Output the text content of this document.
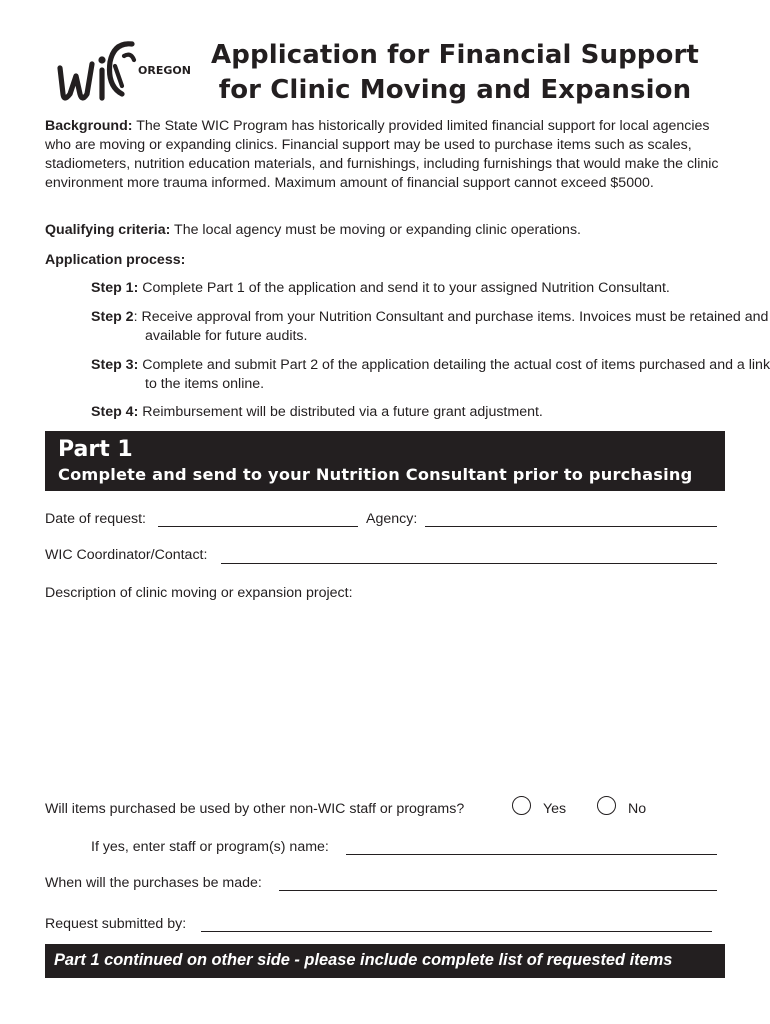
OREGON
Application for Financial Support
for Clinic Moving and Expansion
Background: The State WIC Program has historically provided limited financial support for local agencies who are moving or expanding clinics. Financial support may be used to purchase items such as scales, stadiometers, nutrition education materials, and furnishings, including furnishings that would make the clinic environment more trauma informed. Maximum amount of financial support cannot exceed $5000.
Qualifying criteria: The local agency must be moving or expanding clinic operations.
Application process:
Step 1: Complete Part 1 of the application and send it to your assigned Nutrition Consultant.
Step 2: Receive approval from your Nutrition Consultant and purchase items. Invoices must be retained and available for future audits.
Step 3: Complete and submit Part 2 of the application detailing the actual cost of items purchased and a link to the items online.
Step 4: Reimbursement will be distributed via a future grant adjustment.
Part 1
Complete and send to your Nutrition Consultant prior to purchasing
Date of request:	Agency:
WIC Coordinator/Contact:
Description of clinic moving or expansion project:
Will items purchased be used by other non-WIC staff or programs?	Yes	No
If yes, enter staff or program(s) name:
When will the purchases be made:
Request submitted by:
Part 1 continued on other side - please include complete list of requested items
